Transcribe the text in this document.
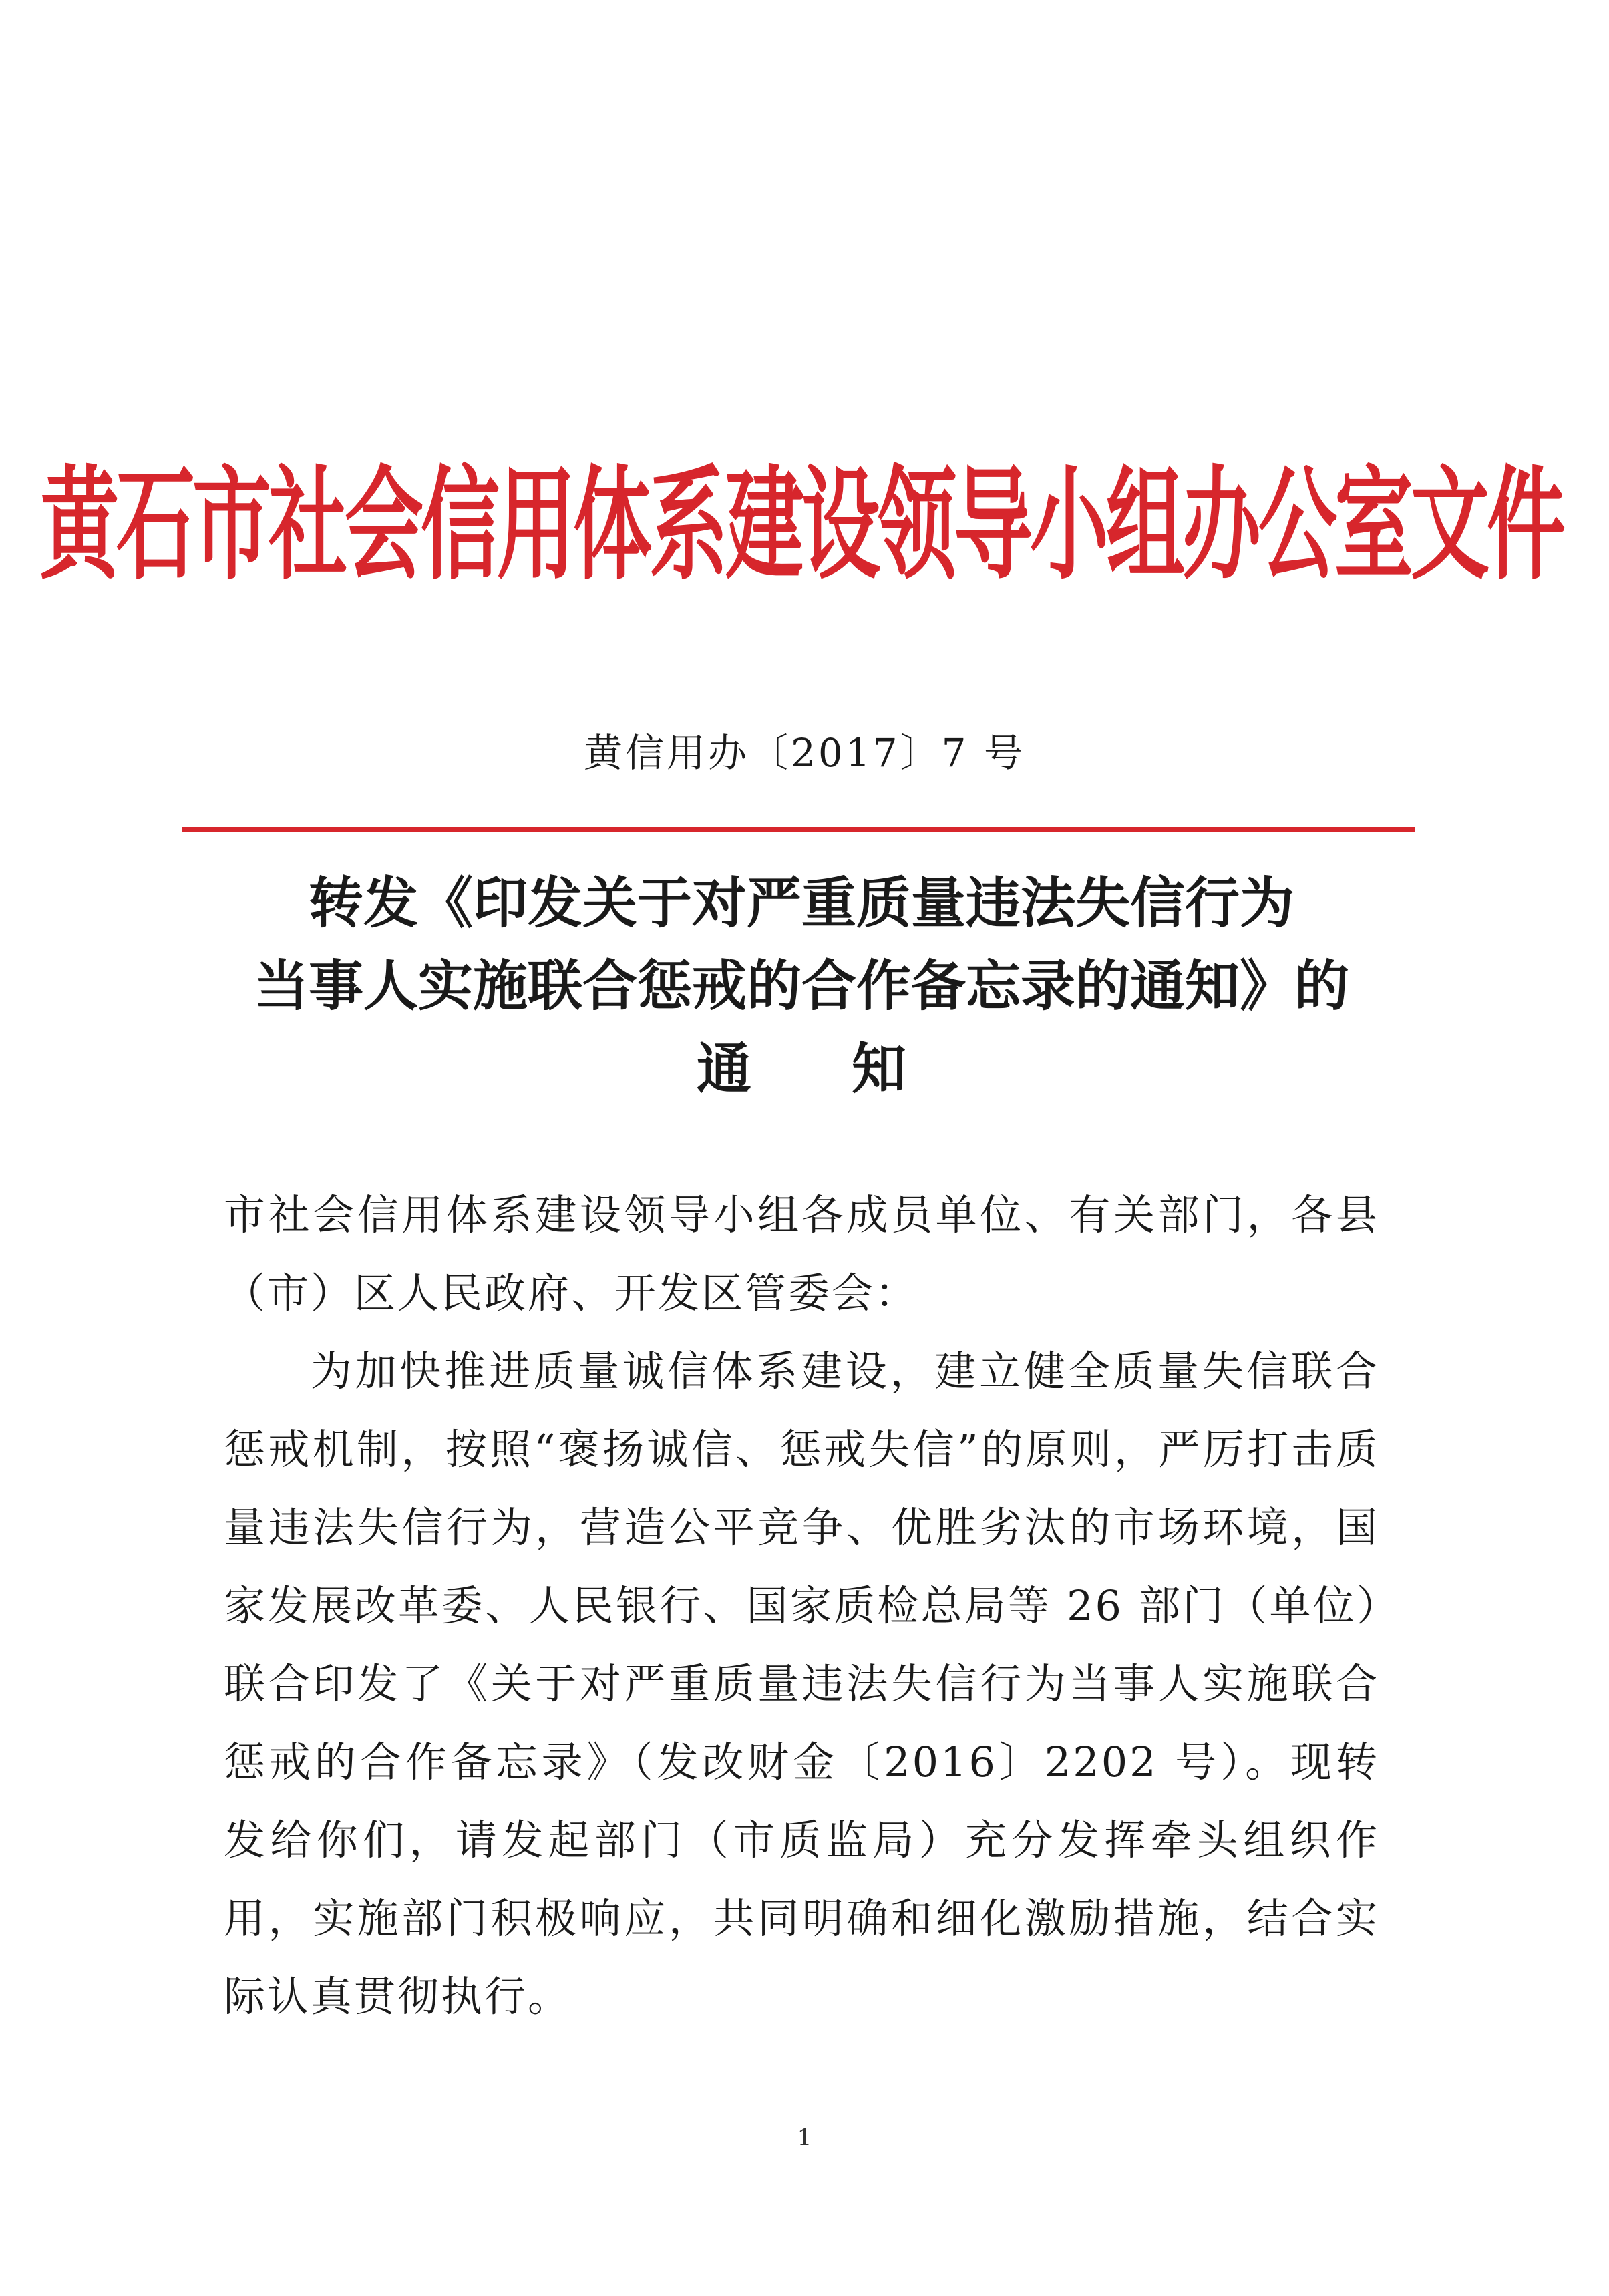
黄石市社会信用体系建设领导小组办公室文件
黄信用办〔2017〕7 号
转发《印发关于对严重质量违法失信行为
当事人实施联合惩戒的合作备忘录的通知》的
通知

市社会信用体系建设领导小组各成员单位、有关部门，各县（市）区人民政府、开发区管委会：

为加快推进质量诚信体系建设，建立健全质量失信联合惩戒机制，按照“褒扬诚信、惩戒失信”的原则，严厉打击质量违法失信行为，营造公平竞争、优胜劣汰的市场环境，国家发展改革委、人民银行、国家质检总局等 26 部门（单位）联合印发了《关于对严重质量违法失信行为当事人实施联合惩戒的合作备忘录》（发改财金〔2016〕2202 号）。现转发给你们，请发起部门（市质监局）充分发挥牵头组织作用，实施部门积极响应，共同明确和细化激励措施，结合实际认真贯彻执行。

1
